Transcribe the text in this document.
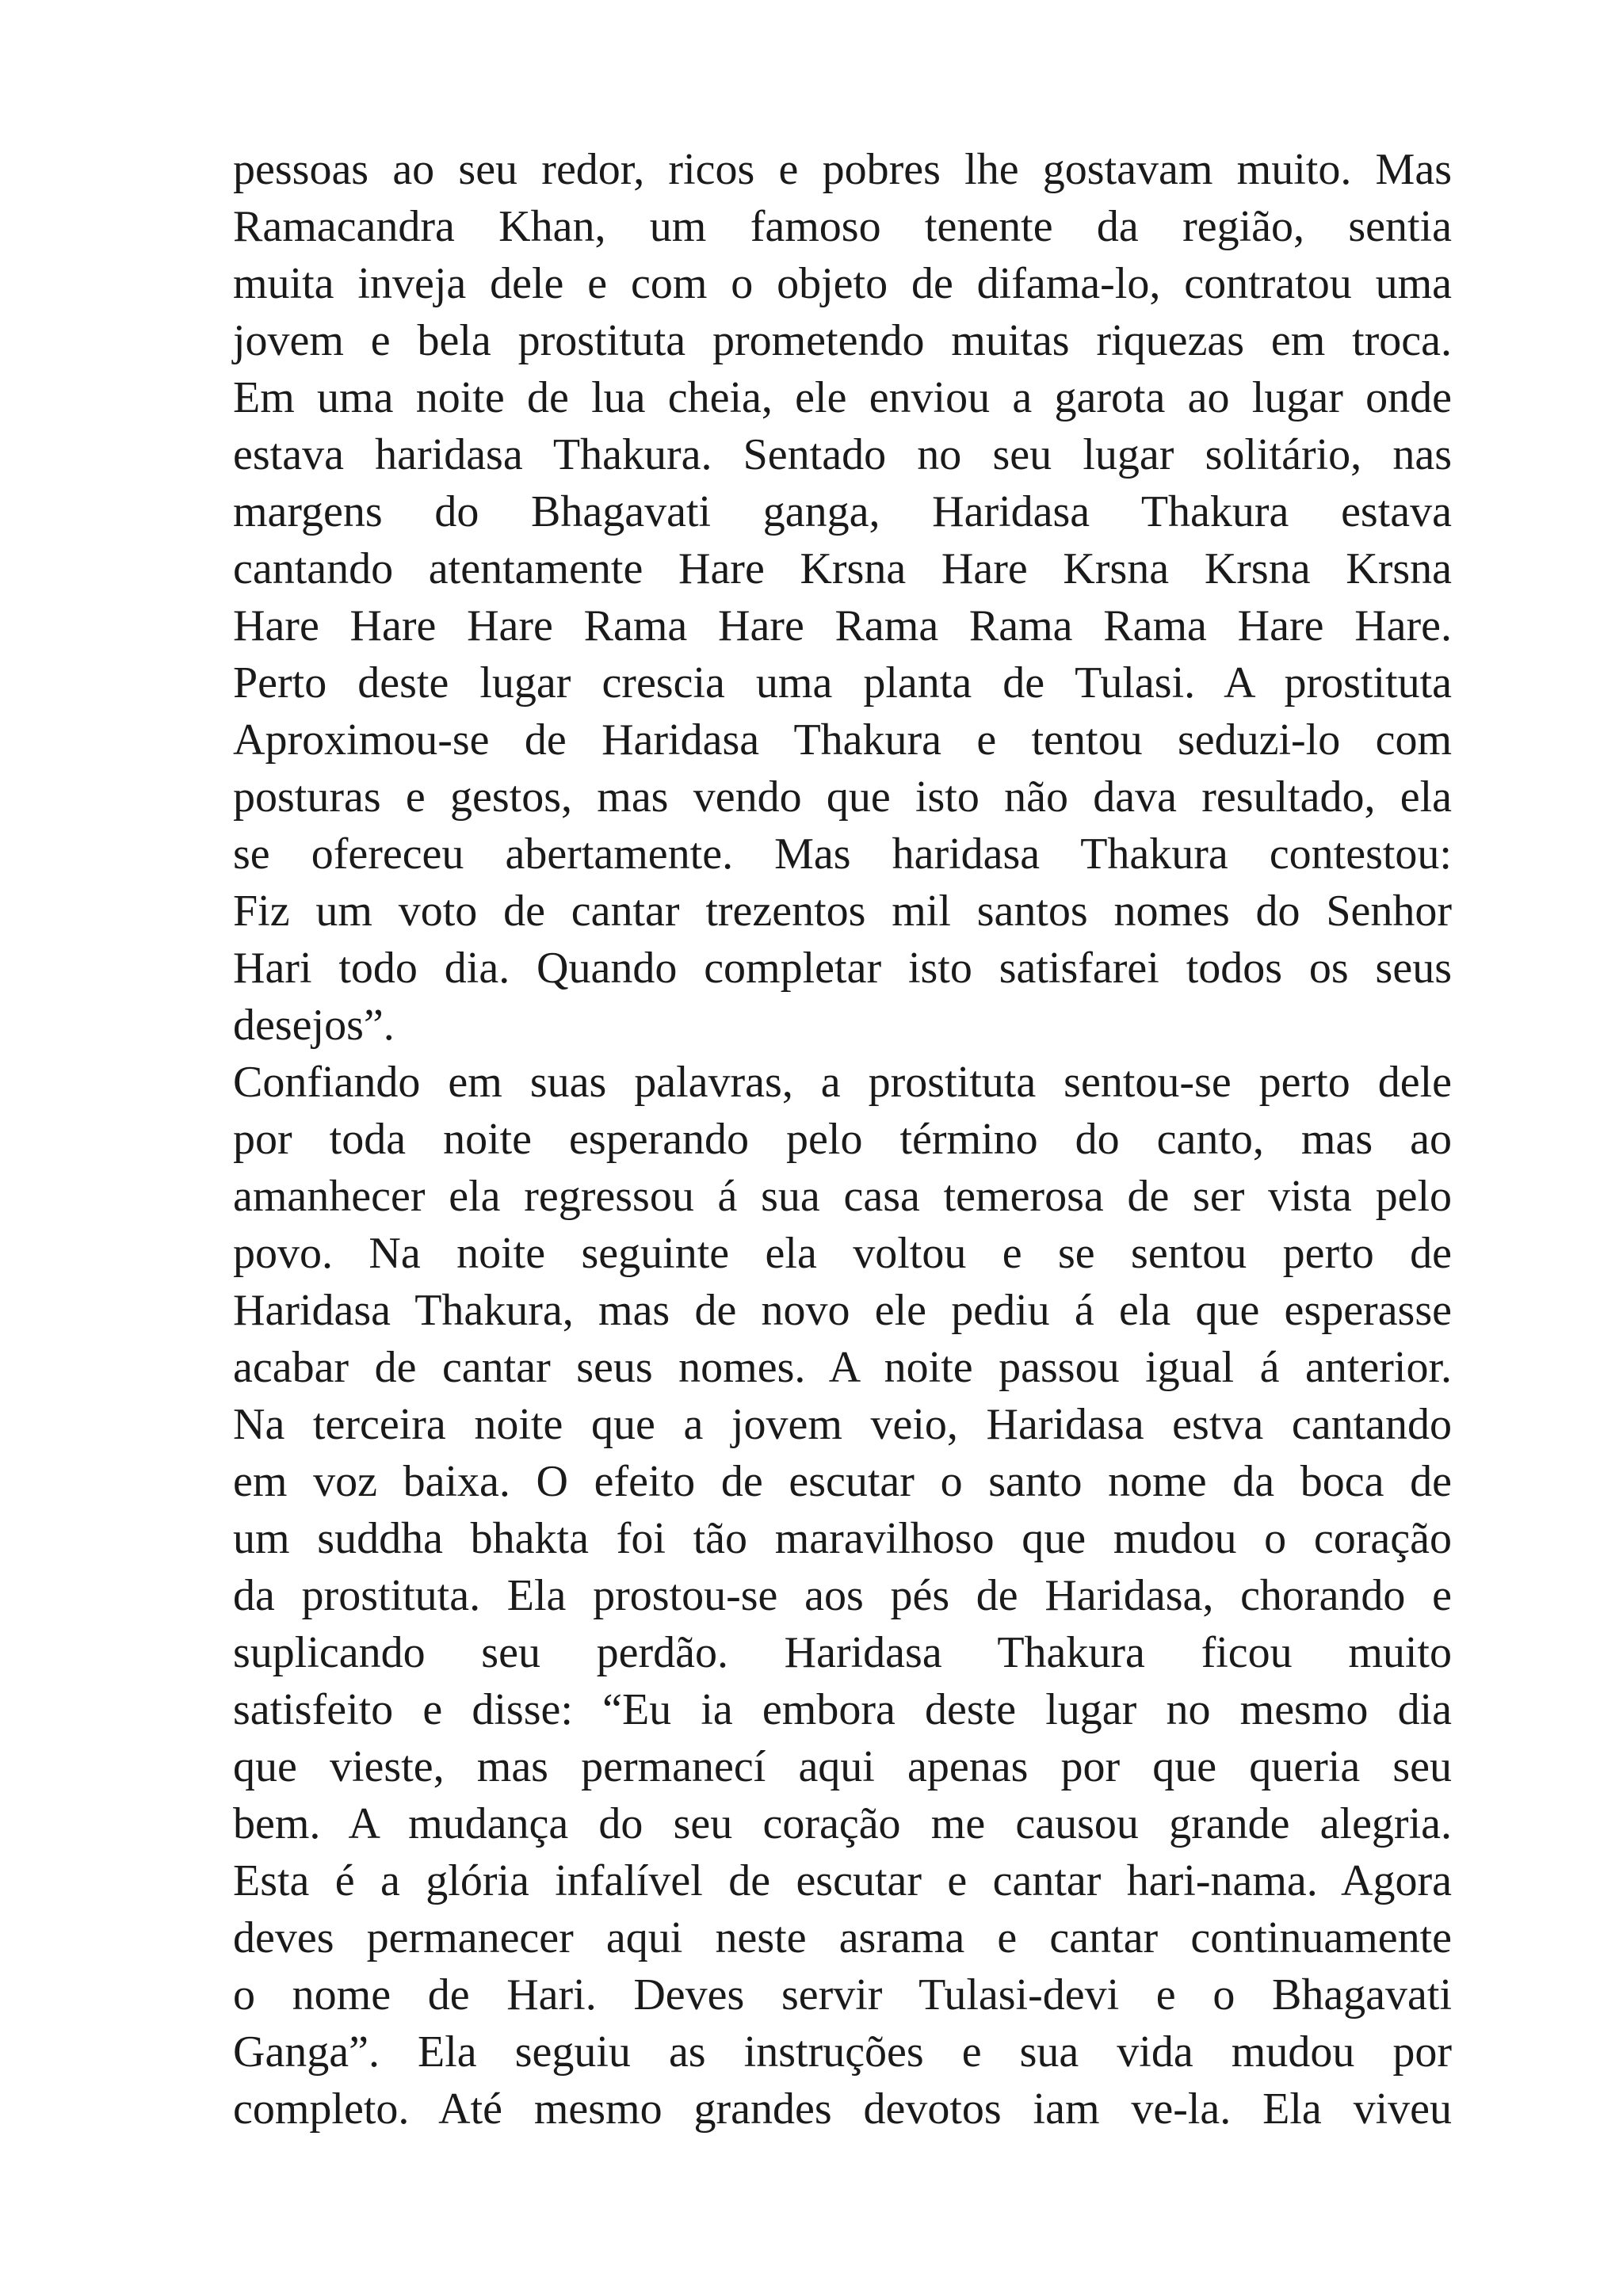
pessoas ao seu redor, ricos e pobres lhe gostavam muito. Mas
Ramacandra Khan, um famoso tenente da região, sentia
muita inveja dele e com o objeto de difama-lo, contratou uma
jovem e bela prostituta prometendo muitas riquezas em troca.
Em uma noite de lua cheia, ele enviou a garota ao lugar onde
estava haridasa Thakura. Sentado no seu lugar solitário, nas
margens do Bhagavati ganga, Haridasa Thakura estava
cantando atentamente Hare Krsna Hare Krsna Krsna Krsna
Hare Hare Hare Rama Hare Rama Rama Rama Hare Hare.
Perto deste lugar crescia uma planta de Tulasi. A prostituta
Aproximou-se de Haridasa Thakura e tentou seduzi-lo com
posturas e gestos, mas vendo que isto não dava resultado, ela
se ofereceu abertamente. Mas haridasa Thakura contestou:
Fiz um voto de cantar trezentos mil santos nomes do Senhor
Hari todo dia. Quando completar isto satisfarei todos os seus
desejos”.
Confiando em suas palavras, a prostituta sentou-se perto dele
por toda noite esperando pelo término do canto, mas ao
amanhecer ela regressou á sua casa temerosa de ser vista pelo
povo. Na noite seguinte ela voltou e se sentou perto de
Haridasa Thakura, mas de novo ele pediu á ela que esperasse
acabar de cantar seus nomes. A noite passou igual á anterior.
Na terceira noite que a jovem veio, Haridasa estva cantando
em voz baixa. O efeito de escutar o santo nome da boca de
um suddha bhakta foi tão maravilhoso que mudou o coração
da prostituta. Ela prostou-se aos pés de Haridasa, chorando e
suplicando seu perdão. Haridasa Thakura ficou muito
satisfeito e disse: “Eu ia embora deste lugar no mesmo dia
que vieste, mas permanecí aqui apenas por que queria seu
bem. A mudança do seu coração me causou grande alegria.
Esta é a glória infalível de escutar e cantar hari-nama. Agora
deves permanecer aqui neste asrama e cantar continuamente
o nome de Hari. Deves servir Tulasi-devi e o Bhagavati
Ganga”. Ela seguiu as instruções e sua vida mudou por
completo. Até mesmo grandes devotos iam ve-la. Ela viveu
